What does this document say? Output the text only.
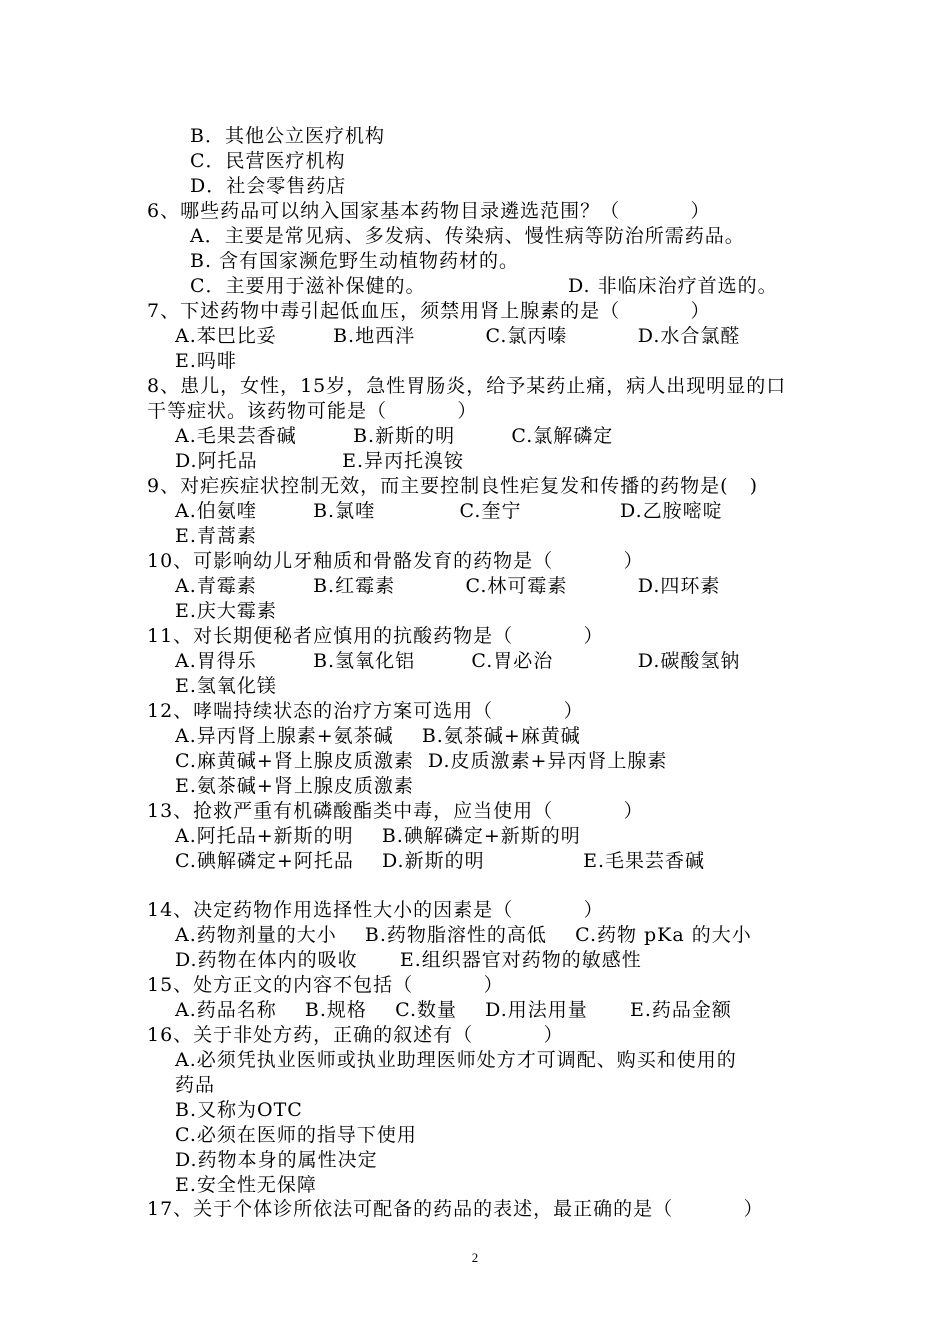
B．其他公立医疗机构
C．民营医疗机构
D．社会零售药店
6、哪些药品可以纳入国家基本药物目录遴选范围？（          ）
A．主要是常见病、多发病、传染病、慢性病等防治所需药品。
B. 含有国家濒危野生动植物药材的。
C．主要用于滋补保健的。	D. 非临床治疗首选的。
7、下述药物中毒引起低血压，须禁用肾上腺素的是（          ）
A.苯巴比妥        B.地西泮          C.氯丙嗪          D.水合氯醛
E.吗啡
8、患儿，女性，15岁，急性胃肠炎，给予某药止痛，病人出现明显的口
干等症状。该药物可能是（          ）
A.毛果芸香碱        B.新斯的明        C.氯解磷定
D.阿托品            E.异丙托溴铵
9、对疟疾症状控制无效，而主要控制良性疟复发和传播的药物是(   )
A.伯氨喹        B.氯喹            C.奎宁              D.乙胺嘧啶
E.青蒿素
10、可影响幼儿牙釉质和骨骼发育的药物是（          ）
A.青霉素        B.红霉素          C.林可霉素          D.四环素
E.庆大霉素
11、对长期便秘者应慎用的抗酸药物是（          ）
A.胃得乐        B.氢氧化铝        C.胃必治            D.碳酸氢钠
E.氢氧化镁
12、哮喘持续状态的治疗方案可选用（          ）
A.异丙肾上腺素+氨茶碱    B.氨茶碱+麻黄碱
C.麻黄碱+肾上腺皮质激素  D.皮质激素+异丙肾上腺素
E.氨茶碱+肾上腺皮质激素
13、抢救严重有机磷酸酯类中毒，应当使用（          ）
A.阿托品+新斯的明    B.碘解磷定+新斯的明
C.碘解磷定+阿托品    D.新斯的明              E.毛果芸香碱
14、决定药物作用选择性大小的因素是（          ）
A.药物剂量的大小    B.药物脂溶性的高低    C.药物 pKa 的大小
D.药物在体内的吸收      E.组织器官对药物的敏感性
15、处方正文的内容不包括（          ）
A.药品名称    B.规格    C.数量    D.用法用量      E.药品金额
16、关于非处方药，正确的叙述有（          ）
A.必须凭执业医师或执业助理医师处方才可调配、购买和使用的
药品
B.又称为OTC
C.必须在医师的指导下使用
D.药物本身的属性决定
E.安全性无保障
17、关于个体诊所依法可配备的药品的表述，最正确的是（          ）
2
